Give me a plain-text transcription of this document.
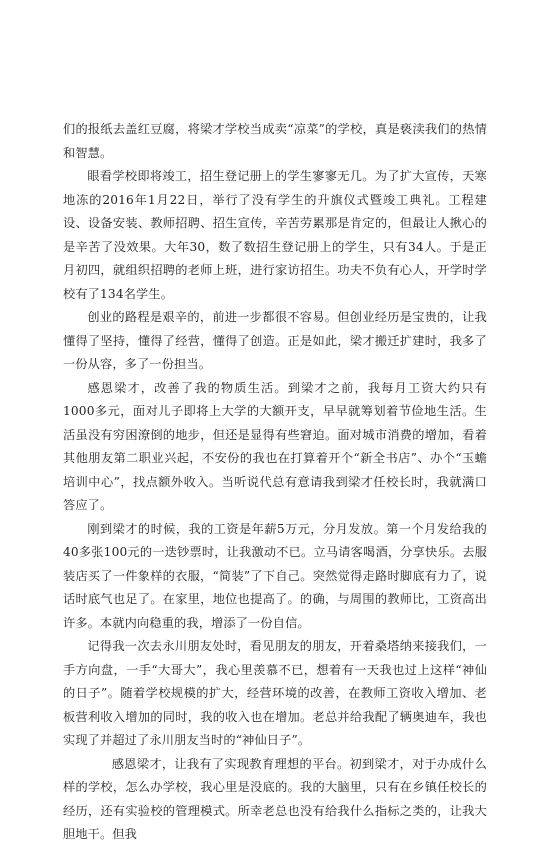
们的报纸去盖红豆腐，将梁才学校当成卖“凉菜”的学校，真是亵渎我们的热情和智慧。

眼看学校即将竣工，招生登记册上的学生寥寥无几。为了扩大宣传，天寒地冻的2016年1月22日，举行了没有学生的升旗仪式暨竣工典礼。工程建设、设备安装、教师招聘、招生宣传，辛苦劳累那是肯定的，但最让人揪心的是辛苦了没效果。大年30，数了数招生登记册上的学生，只有34人。于是正月初四，就组织招聘的老师上班，进行家访招生。功夫不负有心人，开学时学校有了134名学生。

创业的路程是艰辛的，前进一步都很不容易。但创业经历是宝贵的，让我懂得了坚持，懂得了经营，懂得了创造。正是如此，梁才搬迁扩建时，我多了一份从容，多了一份担当。

感恩梁才，改善了我的物质生活。到梁才之前，我每月工资大约只有1000多元，面对儿子即将上大学的大额开支，早早就筹划着节俭地生活。生活虽没有穷困潦倒的地步，但还是显得有些窘迫。面对城市消费的增加，看着其他朋友第二职业兴起，不安份的我也在打算着开个“新全书店”、办个“玉蟾培训中心”，找点额外收入。当听说代总有意请我到梁才任校长时，我就满口答应了。

刚到梁才的时候，我的工资是年薪5万元，分月发放。第一个月发给我的40多张100元的一迭钞票时，让我激动不已。立马请客喝酒，分享快乐。去服装店买了一件象样的衣服，“简装”了下自己。突然觉得走路时脚底有力了，说话时底气也足了。在家里，地位也提高了。的确，与周围的教师比，工资高出许多。本就内向稳重的我，增添了一份自信。

记得我一次去永川朋友处时，看见朋友的朋友，开着桑塔纳来接我们，一手方向盘，一手“大哥大”，我心里羡慕不已，想着有一天我也过上这样“神仙的日子”。随着学校规模的扩大，经营环境的改善，在教师工资收入增加、老板营利收入增加的同时，我的收入也在增加。老总并给我配了辆奥迪车，我也实现了并超过了永川朋友当时的“神仙日子”。

感恩梁才，让我有了实现教育理想的平台。初到梁才，对于办成什么样的学校，怎么办学校，我心里是没底的。我的大脑里，只有在乡镇任校长的经历，还有实验校的管理模式。所幸老总也没有给我什么指标之类的，让我大胆地干。但我
